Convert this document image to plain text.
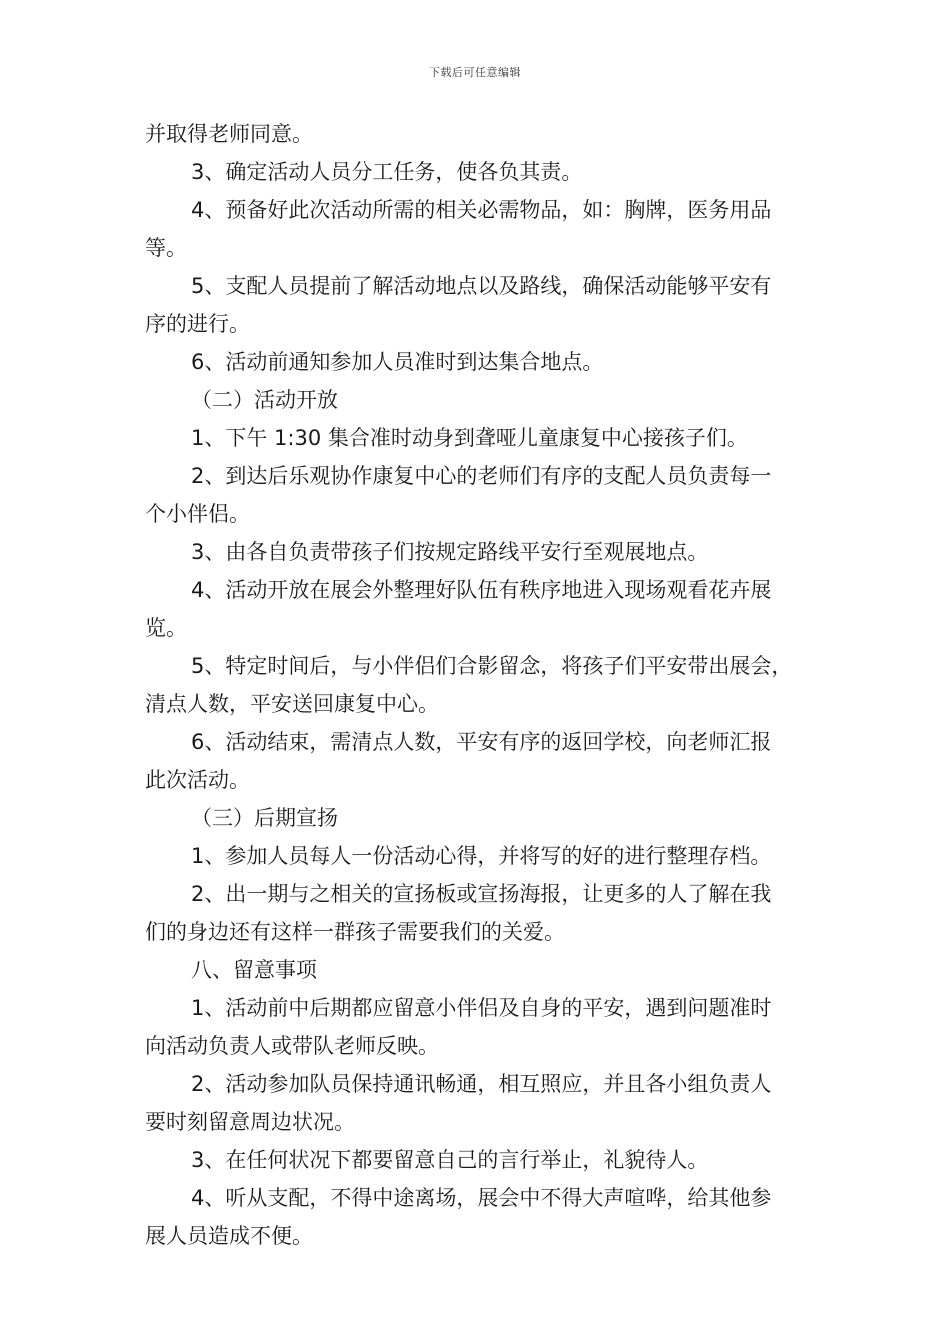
下载后可任意编辑
并取得老师同意。
3、确定活动人员分工任务，使各负其责。
4、预备好此次活动所需的相关必需物品，如：胸牌，医务用品
等。
5、支配人员提前了解活动地点以及路线，确保活动能够平安有
序的进行。
6、活动前通知参加人员准时到达集合地点。
（二）活动开放
1、下午 1:30 集合准时动身到聋哑儿童康复中心接孩子们。
2、到达后乐观协作康复中心的老师们有序的支配人员负责每一
个小伴侣。
3、由各自负责带孩子们按规定路线平安行至观展地点。
4、活动开放在展会外整理好队伍有秩序地进入现场观看花卉展
览。
5、特定时间后，与小伴侣们合影留念，将孩子们平安带出展会，
清点人数，平安送回康复中心。
6、活动结束，需清点人数，平安有序的返回学校，向老师汇报
此次活动。
（三）后期宣扬
1、参加人员每人一份活动心得，并将写的好的进行整理存档。
2、出一期与之相关的宣扬板或宣扬海报，让更多的人了解在我
们的身边还有这样一群孩子需要我们的关爱。
八、留意事项
1、活动前中后期都应留意小伴侣及自身的平安，遇到问题准时
向活动负责人或带队老师反映。
2、活动参加队员保持通讯畅通，相互照应，并且各小组负责人
要时刻留意周边状况。
3、在任何状况下都要留意自己的言行举止，礼貌待人。
4、听从支配，不得中途离场，展会中不得大声喧哗，给其他参
展人员造成不便。
